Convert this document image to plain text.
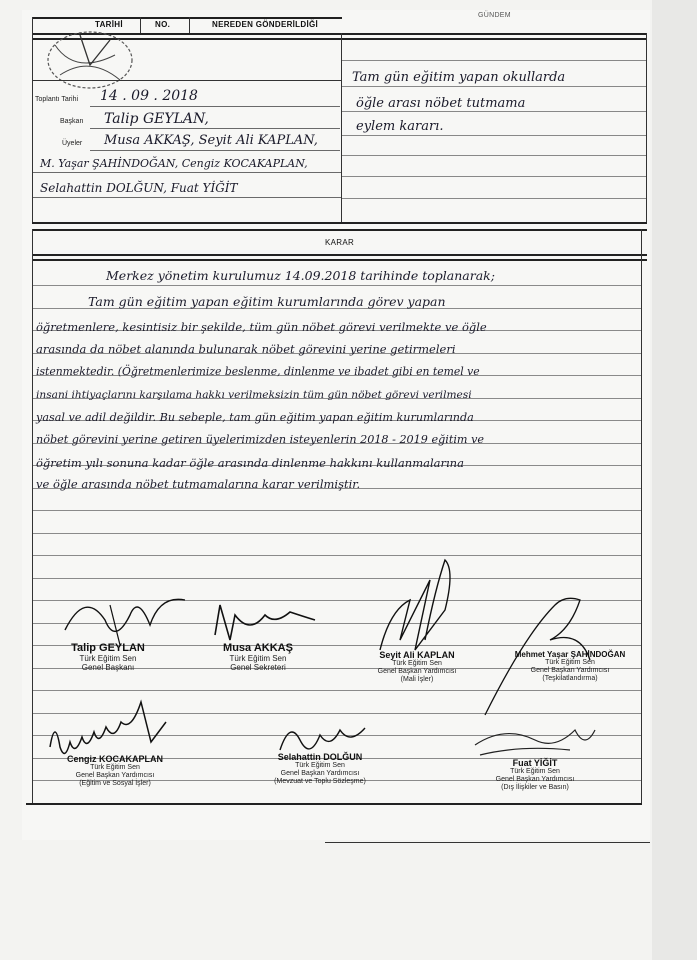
TARİHİ	NO.	NEREDEN GÖNDERİLDİĞİ
GÜNDEM
Toplantı Tarihi 14 . 09 . 2018
Başkan Talip GEYLAN,
Üyeler Musa AKKAŞ, Seyit Ali KAPLAN,
M. Yaşar ŞAHİNDOĞAN, Cengiz KOCAKAPLAN,
Selahattin DOLĞUN, Fuat YİĞİT
Tam gün eğitim yapan okullarda
öğle arası nöbet tutmama
eylem kararı.
KARAR
Merkez yönetim kurulumuz 14.09.2018 tarihinde toplanarak;
Tam gün eğitim yapan eğitim kurumlarında görev yapan
öğretmenlere, kesintisiz bir şekilde, tüm gün nöbet görevi verilmekte ve öğle
arasında da nöbet alanında bulunarak nöbet görevini yerine getirmeleri
istenmektedir. (Öğretmenlerimize beslenme, dinlenme ve ibadet gibi en temel ve
insani ihtiyaçlarını karşılama hakkı verilmeksizin tüm gün nöbet görevi verilmesi
yasal ve adil değildir. Bu sebeple, tam gün eğitim yapan eğitim kurumlarında
nöbet görevini yerine getiren üyelerimizden isteyenlerin 2018 - 2019 eğitim ve
öğretim yılı sonuna kadar öğle arasında dinlenme hakkını kullanmalarına
ve öğle arasında nöbet tutmamalarına karar verilmiştir.
Talip GEYLAN
Türk Eğitim Sen
Genel Başkanı
Musa AKKAŞ
Türk Eğitim Sen
Genel Sekreteri
Seyit Ali KAPLAN
Türk Eğitim Sen
Genel Başkan Yardımcısı
(Mali İşler)
Mehmet Yaşar ŞAHİNDOĞAN
Türk Eğitim Sen
Genel Başkan Yardımcısı
(Teşkilatlandırma)
Cengiz KOCAKAPLAN
Türk Eğitim Sen
Genel Başkan Yardımcısı
(Eğitim ve Sosyal İşler)
Selahattin DOLĞUN
Türk Eğitim Sen
Genel Başkan Yardımcısı
(Mevzuat ve Toplu Sözleşme)
Fuat YİĞİT
Türk Eğitim Sen
Genel Başkan Yardımcısı
(Dış İlişkiler ve Basın)
